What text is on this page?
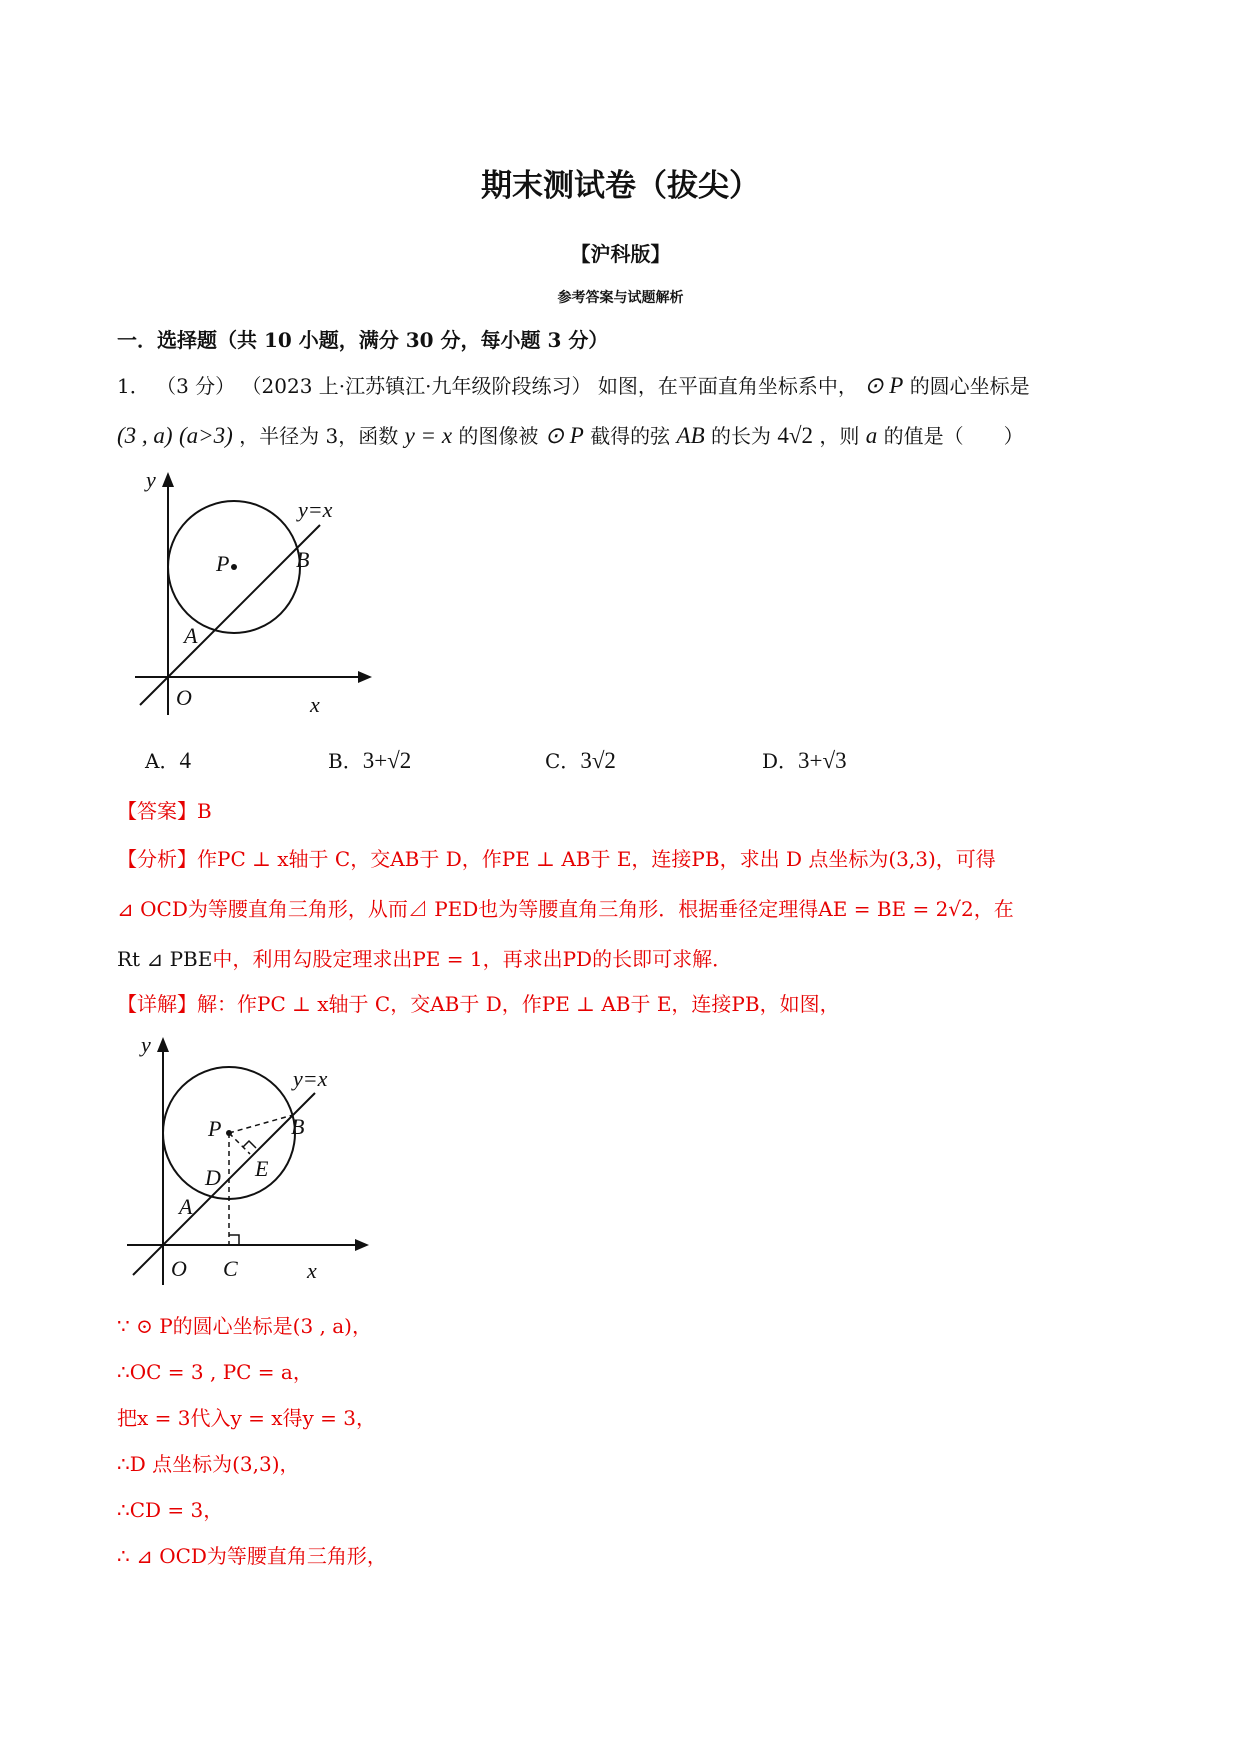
期末测试卷（拔尖）
【沪科版】
参考答案与试题解析
一．选择题（共 10 小题，满分 30 分，每小题 3 分）
1． （3 分） （2023 上·江苏镇江·九年级阶段练习） 如图，在平面直角坐标系中， ⊙ P 的圆心坐标是
(3 , a) (a>3) ，半径为 3，函数 y = x 的图像被 ⊙ P 截得的弦 AB 的长为 4√2 ，则 a 的值是（　　）
y
x
O
P
A
B
y=x
A．4	B．3+√2	C．3√2	D．3+√3
【答案】B
【分析】作PC ⊥ x轴于 C，交AB于 D，作PE ⊥ AB于 E，连接PB，求出 D 点坐标为(3,3)，可得
⊿ OCD为等腰直角三角形，从而⊿ PED也为等腰直角三角形．根据垂径定理得AE = BE = 2√2，在
Rt ⊿ PBE中，利用勾股定理求出PE = 1，再求出PD的长即可求解．
【详解】解：作PC ⊥ x轴于 C，交AB于 D，作PE ⊥ AB于 E，连接PB，如图，
y
x
O C
P
A
B
D E
y=x
∵ ⊙ P的圆心坐标是(3 , a)，
∴OC = 3 , PC = a，
把x = 3代入y = x得y = 3，
∴D 点坐标为(3,3)，
∴CD = 3，
∴ ⊿ OCD为等腰直角三角形，
